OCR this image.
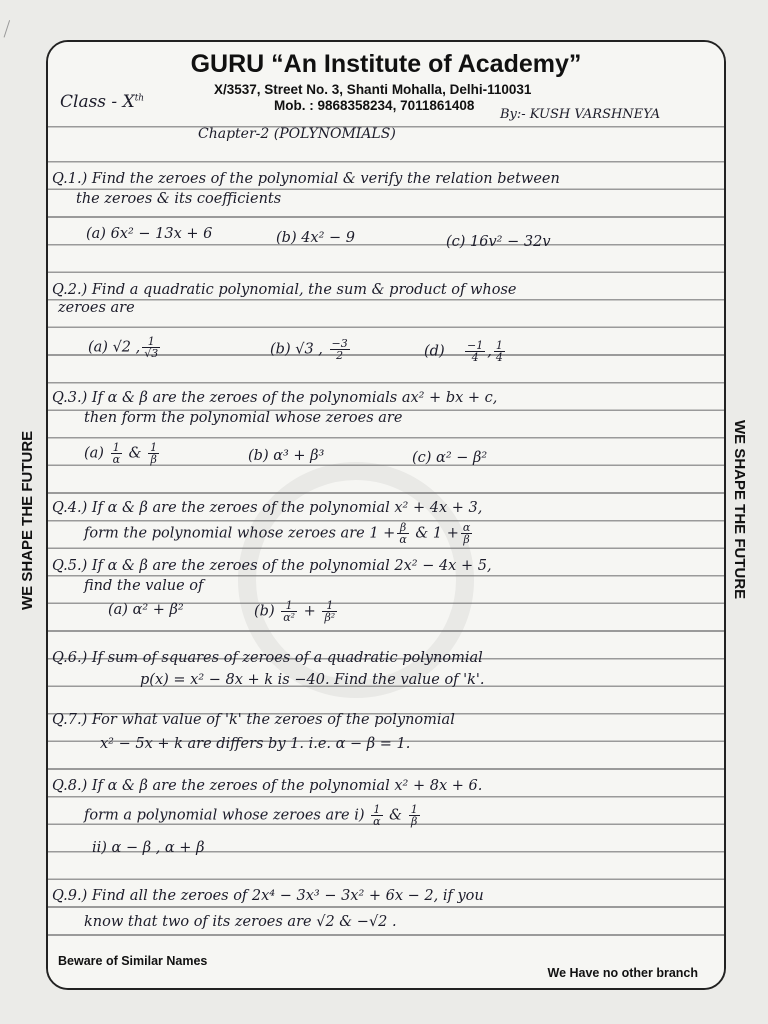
WE SHAPE THE FUTURE	WE SHAPE THE FUTURE
GURU “An Institute of Academy”
X/3537, Street No. 3, Shanti Mohalla, Delhi-110031
Mob. : 9868358234, 7011861408
Class - Xth
By:- KUSH VARSHNEYA
Chapter-2 (POLYNOMIALS)
Q.1.) Find the zeroes of the polynomial & verify the relation between
the zeroes & its coefficients
(a) 6x² − 13x + 6	(b) 4x² − 9	(c) 16v² − 32v
Q.2.) Find a quadratic polynomial, the sum & product of whose
zeroes are
(a) √2 , $\frac{1}{√3}$	(b) √3 , $\frac{-3}{2}$	$(d) \frac{-1}{4}$ , $\frac{1}{4}$
Q.3.) If α & β are the zeroes of the polynomials ax² + bx + c,
then form the polynomial whose zeroes are
$(a) \frac{1}{\alpha}$ & $\frac{1}{\beta}$	(b) α³ + β³	(c) α² − β²
Q.4.) If α & β are the zeroes of the polynomial x² + 4x + 3,
form the polynomial whose zeroes are $1 + \frac{\beta}{\alpha}$ & $1 + \frac{\alpha}{\beta}$
Q.5.) If α & β are the zeroes of the polynomial 2x² − 4x + 5,
find the value of
(a) α² + β²	$(b) \frac{1}{\text{α²}} + \frac{1}{\text{β²}}$
Q.6.) If sum of squares of zeroes of a quadratic polynomial
p(x) = x² − 8x + k is −40. Find the value of 'k'.
Q.7.) For what value of 'k' the zeroes of the polynomial
x² − 5x + k are differs by 1. i.e. α − β = 1.
Q.8.) If α & β are the zeroes of the polynomial x² + 8x + 6.
form a polynomial whose zeroes are $i) \frac{1}{\alpha}$ & $\frac{1}{\beta}$
ii) α − β , α + β
Q.9.) Find all the zeroes of 2x⁴ − 3x³ − 3x² + 6x − 2, if you
know that two of its zeroes are √2 & −√2 .
Beware of Similar Names
We Have no other branch
